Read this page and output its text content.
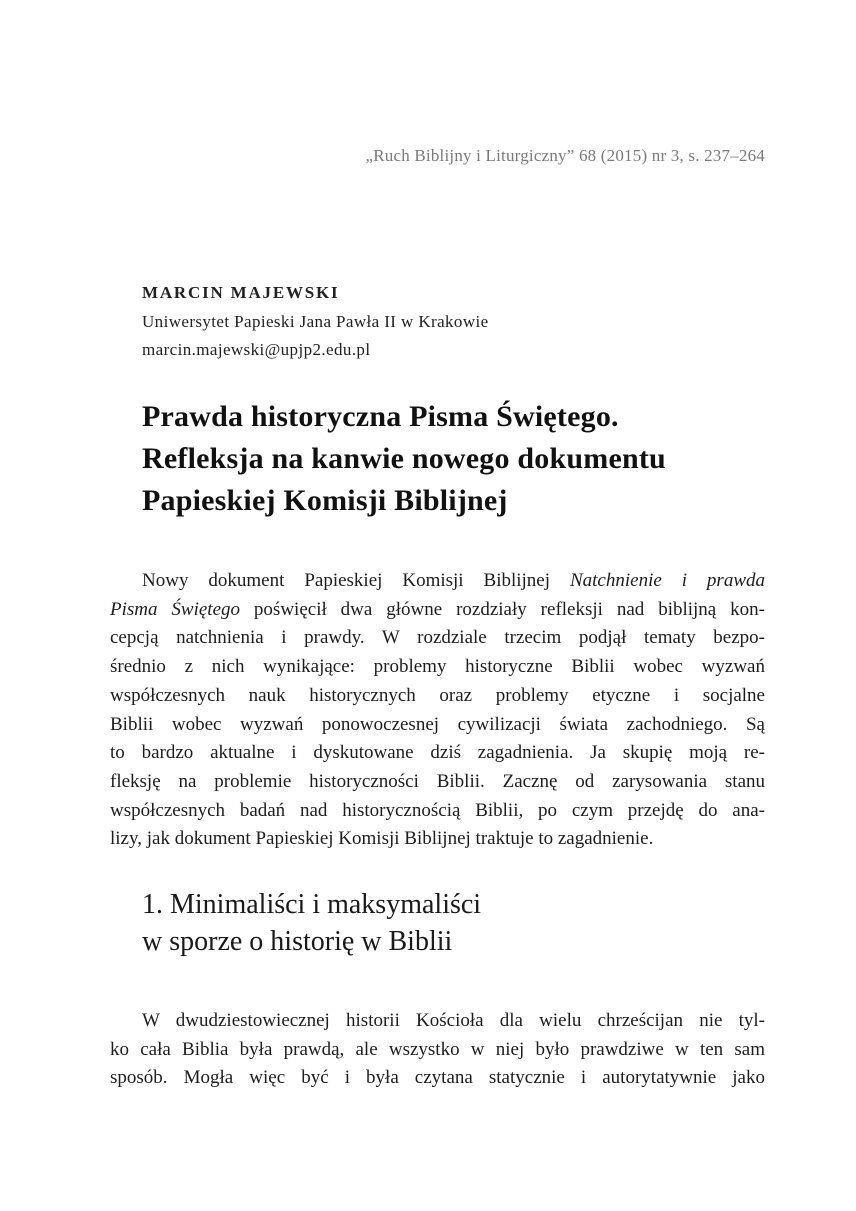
„Ruch Biblijny i Liturgiczny” 68 (2015) nr 3, s. 237–264
MARCIN MAJEWSKI
Uniwersytet Papieski Jana Pawła II w Krakowie
marcin.majewski@upjp2.edu.pl
Prawda historyczna Pisma Świętego.
Refleksja na kanwie nowego dokumentu
Papieskiej Komisji Biblijnej
Nowy dokument Papieskiej Komisji Biblijnej Natchnienie i prawda
Pisma Świętego poświęcił dwa główne rozdziały refleksji nad biblijną kon-
cepcją natchnienia i prawdy. W rozdziale trzecim podjął tematy bezpo-
średnio z nich wynikające: problemy historyczne Biblii wobec wyzwań
współczesnych nauk historycznych oraz problemy etyczne i socjalne
Biblii wobec wyzwań ponowoczesnej cywilizacji świata zachodniego. Są
to bardzo aktualne i dyskutowane dziś zagadnienia. Ja skupię moją re-
fleksję na problemie historyczności Biblii. Zacznę od zarysowania stanu
współczesnych badań nad historycznością Biblii, po czym przejdę do ana-
lizy, jak dokument Papieskiej Komisji Biblijnej traktuje to zagadnienie.
1. Minimaliści i maksymaliści
w sporze o historię w Biblii
W dwudziestowiecznej historii Kościoła dla wielu chrześcijan nie tyl-
ko cała Biblia była prawdą, ale wszystko w niej było prawdziwe w ten sam
sposób. Mogła więc być i była czytana statycznie i autorytatywnie jako
